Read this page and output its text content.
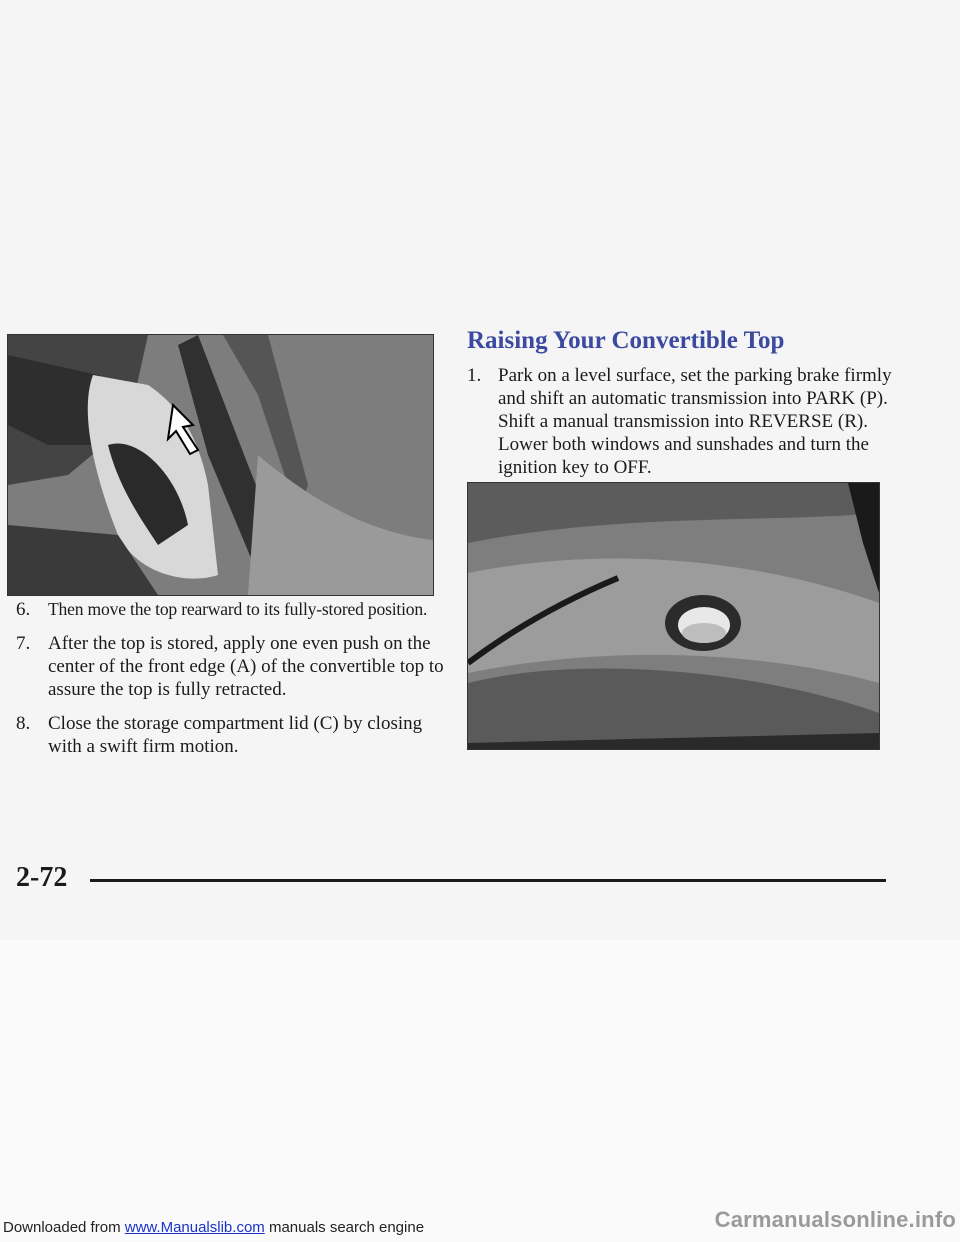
6. Then move the top rearward to its fully-stored position.
7. After the top is stored, apply one even push on the center of the front edge (A) of the convertible top to assure the top is fully retracted.
8. Close the storage compartment lid (C) by closing with a swift firm motion.
Raising Your Convertible Top
1. Park on a level surface, set the parking brake firmly and shift an automatic transmission into PARK (P). Shift a manual transmission into REVERSE (R). Lower both windows and sunshades and turn the ignition key to OFF.
2-72
Downloaded from www.Manualslib.com manuals search engine	Carmanualsonline.info
